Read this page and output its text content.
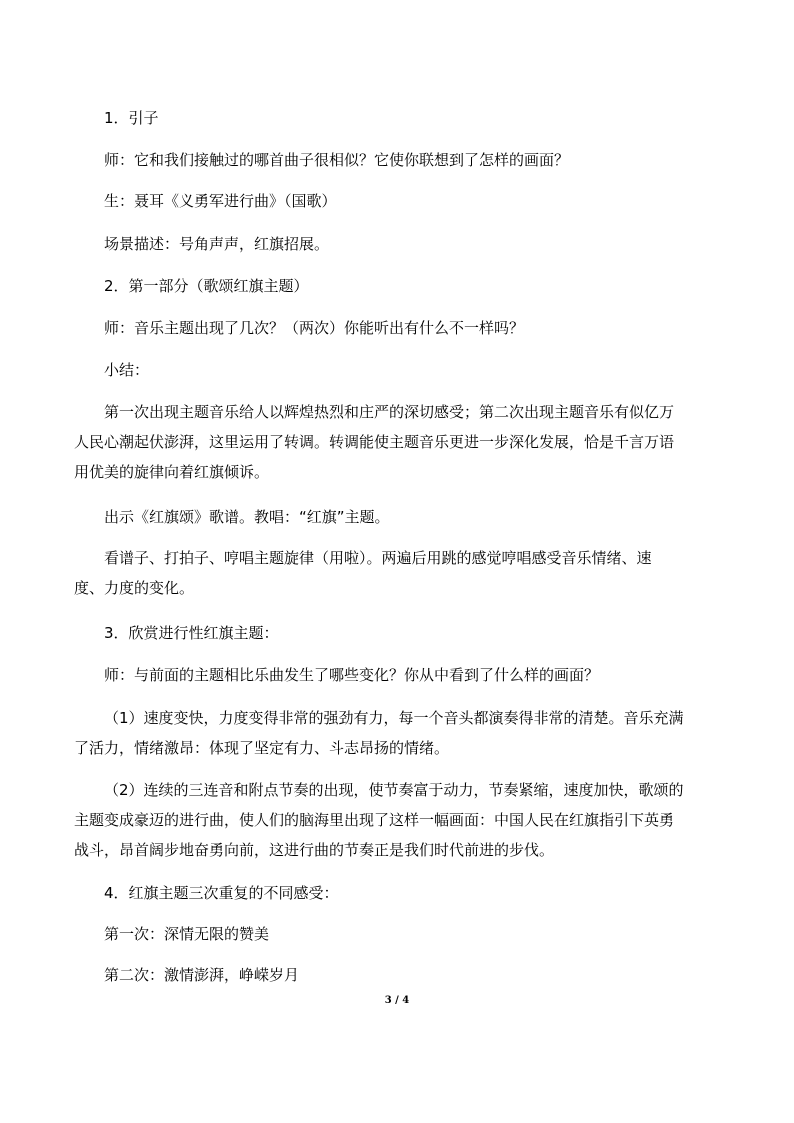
1．引子
师：它和我们接触过的哪首曲子很相似？它使你联想到了怎样的画面？
生：聂耳《义勇军进行曲》（国歌）
场景描述：号角声声，红旗招展。
2．第一部分（歌颂红旗主题）
师：音乐主题出现了几次？（两次）你能听出有什么不一样吗？
小结：
第一次出现主题音乐给人以辉煌热烈和庄严的深切感受；第二次出现主题音乐有似亿万
人民心潮起伏澎湃，这里运用了转调。转调能使主题音乐更进一步深化发展，恰是千言万语
用优美的旋律向着红旗倾诉。
出示《红旗颂》歌谱。教唱：“红旗”主题。
看谱子、打拍子、哼唱主题旋律（用啦）。两遍后用跳的感觉哼唱感受音乐情绪、速
度、力度的变化。
3．欣赏进行性红旗主题：
师：与前面的主题相比乐曲发生了哪些变化？你从中看到了什么样的画面？
（1）速度变快，力度变得非常的强劲有力，每一个音头都演奏得非常的清楚。音乐充满
了活力，情绪激昂：体现了坚定有力、斗志昂扬的情绪。
（2）连续的三连音和附点节奏的出现，使节奏富于动力，节奏紧缩，速度加快，歌颂的
主题变成豪迈的进行曲，使人们的脑海里出现了这样一幅画面：中国人民在红旗指引下英勇
战斗，昂首阔步地奋勇向前，这进行曲的节奏正是我们时代前进的步伐。
4．红旗主题三次重复的不同感受：
第一次：深情无限的赞美
第二次：激情澎湃，峥嵘岁月
3 / 4
